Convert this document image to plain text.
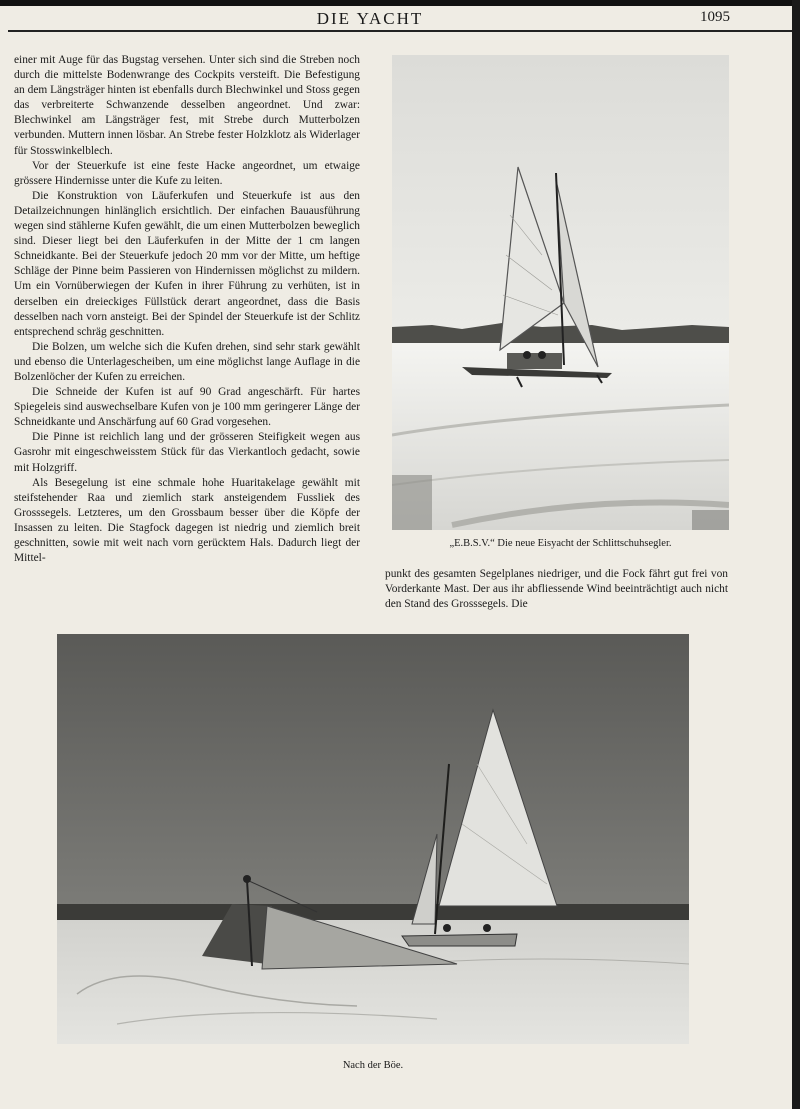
DIE YACHT	1095

einer mit Auge für das Bugstag versehen. Unter sich sind die Streben noch durch die mittelste Bodenwrange des Cockpits versteift. Die Befestigung an dem Längsträger hinten ist ebenfalls durch Blechwinkel und Stoss gegen das verbreiterte Schwanzende desselben angeordnet. Und zwar: Blechwinkel am Längsträger fest, mit Strebe durch Mutterbolzen verbunden. Muttern innen lösbar. An Strebe fester Holzklotz als Widerlager für Stosswinkelblech.

Vor der Steuerkufe ist eine feste Hacke angeordnet, um etwaige grössere Hindernisse unter die Kufe zu leiten.

Die Konstruktion von Läuferkufen und Steuerkufe ist aus den Detailzeichnungen hinlänglich ersichtlich. Der einfachen Bauausführung wegen sind stählerne Kufen gewählt, die um einen Mutterbolzen beweglich sind. Dieser liegt bei den Läuferkufen in der Mitte der 1 cm langen Schneidkante. Bei der Steuerkufe jedoch 20 mm vor der Mitte, um heftige Schläge der Pinne beim Passieren von Hindernissen möglichst zu mildern. Um ein Vornüberwiegen der Kufen in ihrer Führung zu verhüten, ist in derselben ein dreieckiges Füllstück derart angeordnet, dass die Basis desselben nach vorn ansteigt. Bei der Spindel der Steuerkufe ist der Schlitz entsprechend schräg geschnitten.

Die Bolzen, um welche sich die Kufen drehen, sind sehr stark gewählt und ebenso die Unterlagescheiben, um eine möglichst lange Auflage in die Bolzenlöcher der Kufen zu erreichen.

Die Schneide der Kufen ist auf 90 Grad angeschärft. Für hartes Spiegeleis sind auswechselbare Kufen von je 100 mm geringerer Länge der Schneidkante und Anschärfung auf 60 Grad vorgesehen.

Die Pinne ist reichlich lang und der grösseren Steifigkeit wegen aus Gasrohr mit eingeschweisstem Stück für das Vierkantloch gedacht, sowie mit Holzgriff.

Als Besegelung ist eine schmale hohe Huaritakelage gewählt mit steifstehender Raa und ziemlich stark ansteigendem Fussliek des Grosssegels. Letzteres, um den Grossbaum besser über die Köpfe der Insassen zu leiten. Die Stagfock dagegen ist niedrig und ziemlich breit geschnitten, sowie mit weit nach vorn gerücktem Hals. Dadurch liegt der Mittel-

„E.B.S.V.“ Die neue Eisyacht der Schlittschuhsegler.

punkt des gesamten Segelplanes niedriger, und die Fock fährt gut frei von Vorderkante Mast. Der aus ihr abfliessende Wind beeinträchtigt auch nicht den Stand des Grosssegels. Die

Nach der Böe.
